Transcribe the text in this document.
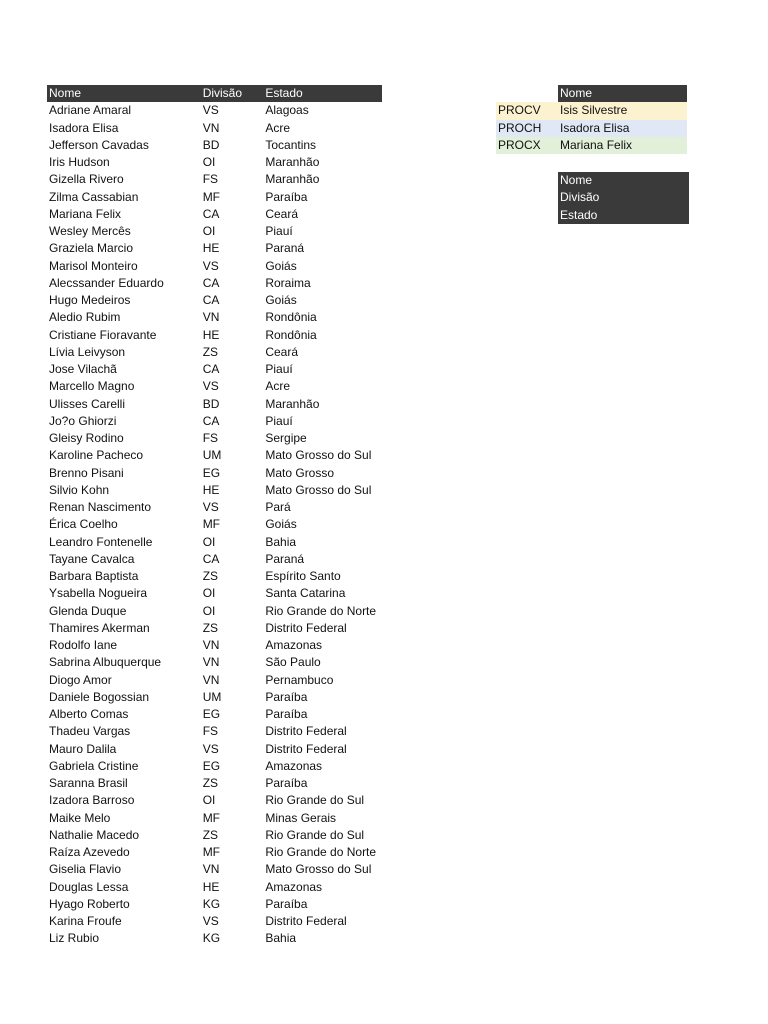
Nome	Divisão	Estado
Adriane Amaral	VS	Alagoas
Isadora Elisa	VN	Acre
Jefferson Cavadas	BD	Tocantins
Iris Hudson	OI	Maranhão
Gizella Rivero	FS	Maranhão
Zilma Cassabian	MF	Paraíba
Mariana Felix	CA	Ceará
Wesley Mercês	OI	Piauí
Graziela Marcio	HE	Paraná
Marisol Monteiro	VS	Goiás
Alecssander Eduardo	CA	Roraima
Hugo Medeiros	CA	Goiás
Aledio Rubim	VN	Rondônia
Cristiane Fioravante	HE	Rondônia
Lívia Leivyson	ZS	Ceará
Jose Vilachã	CA	Piauí
Marcello Magno	VS	Acre
Ulisses Carelli	BD	Maranhão
Jo?o Ghiorzi	CA	Piauí
Gleisy Rodino	FS	Sergipe
Karoline Pacheco	UM	Mato Grosso do Sul
Brenno Pisani	EG	Mato Grosso
Silvio Kohn	HE	Mato Grosso do Sul
Renan Nascimento	VS	Pará
Érica Coelho	MF	Goiás
Leandro Fontenelle	OI	Bahia
Tayane Cavalca	CA	Paraná
Barbara Baptista	ZS	Espírito Santo
Ysabella Nogueira	OI	Santa Catarina
Glenda Duque	OI	Rio Grande do Norte
Thamires Akerman	ZS	Distrito Federal
Rodolfo Iane	VN	Amazonas
Sabrina Albuquerque	VN	São Paulo
Diogo Amor	VN	Pernambuco
Daniele Bogossian	UM	Paraíba
Alberto Comas	EG	Paraíba
Thadeu Vargas	FS	Distrito Federal
Mauro Dalila	VS	Distrito Federal
Gabriela Cristine	EG	Amazonas
Saranna Brasil	ZS	Paraíba
Izadora Barroso	OI	Rio Grande do Sul
Maike Melo	MF	Minas Gerais
Nathalie Macedo	ZS	Rio Grande do Sul
Raíza Azevedo	MF	Rio Grande do Norte
Giselia Flavio	VN	Mato Grosso do Sul
Douglas Lessa	HE	Amazonas
Hyago Roberto	KG	Paraíba
Karina Froufe	VS	Distrito Federal
Liz Rubio	KG	Bahia
	Nome
PROCV	Isis Silvestre
PROCH	Isadora Elisa
PROCX	Mariana Felix
Nome
Divisão
Estado
